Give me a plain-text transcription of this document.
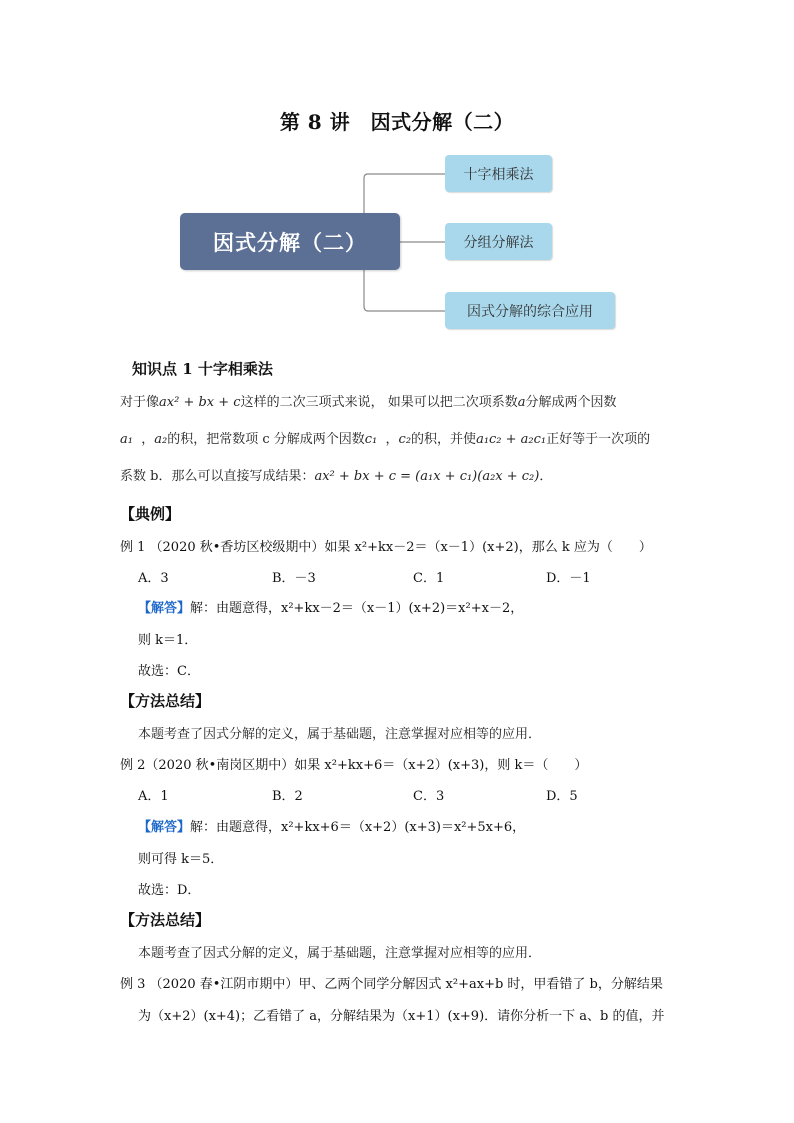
第 8 讲　因式分解（二）
因式分解（二）
十字相乘法
分组分解法
因式分解的综合应用
知识点 1 十字相乘法
对于像ax² + bx + c这样的二次三项式来说， 如果可以把二次项系数a分解成两个因数
a₁ ，a₂的积，把常数项 c 分解成两个因数c₁ ，c₂的积，并使a₁c₂ + a₂c₁正好等于一次项的
系数 b．那么可以直接写成结果：ax² + bx + c = (a₁x + c₁)(a₂x + c₂)．
【典例】
例 1 （2020 秋•香坊区校级期中）如果 x²+kx－2＝（x－1）(x+2)，那么 k 应为（　　）
A．3	B．－3	C．1	D．－1
【解答】解：由题意得，x²+kx－2＝（x－1）(x+2)＝x²+x－2，
则 k＝1．
故选：C．
【方法总结】
本题考查了因式分解的定义，属于基础题，注意掌握对应相等的应用．
例 2（2020 秋•南岗区期中）如果 x²+kx+6＝（x+2）(x+3)，则 k＝（　　）
A．1	B．2	C．3	D．5
【解答】解：由题意得，x²+kx+6＝（x+2）(x+3)＝x²+5x+6，
则可得 k＝5．
故选：D．
【方法总结】
本题考查了因式分解的定义，属于基础题，注意掌握对应相等的应用．
例 3 （2020 春•江阴市期中）甲、乙两个同学分解因式 x²+ax+b 时，甲看错了 b，分解结果
为（x+2）(x+4)；乙看错了 a，分解结果为（x+1）(x+9)．请你分析一下 a、b 的值，并
